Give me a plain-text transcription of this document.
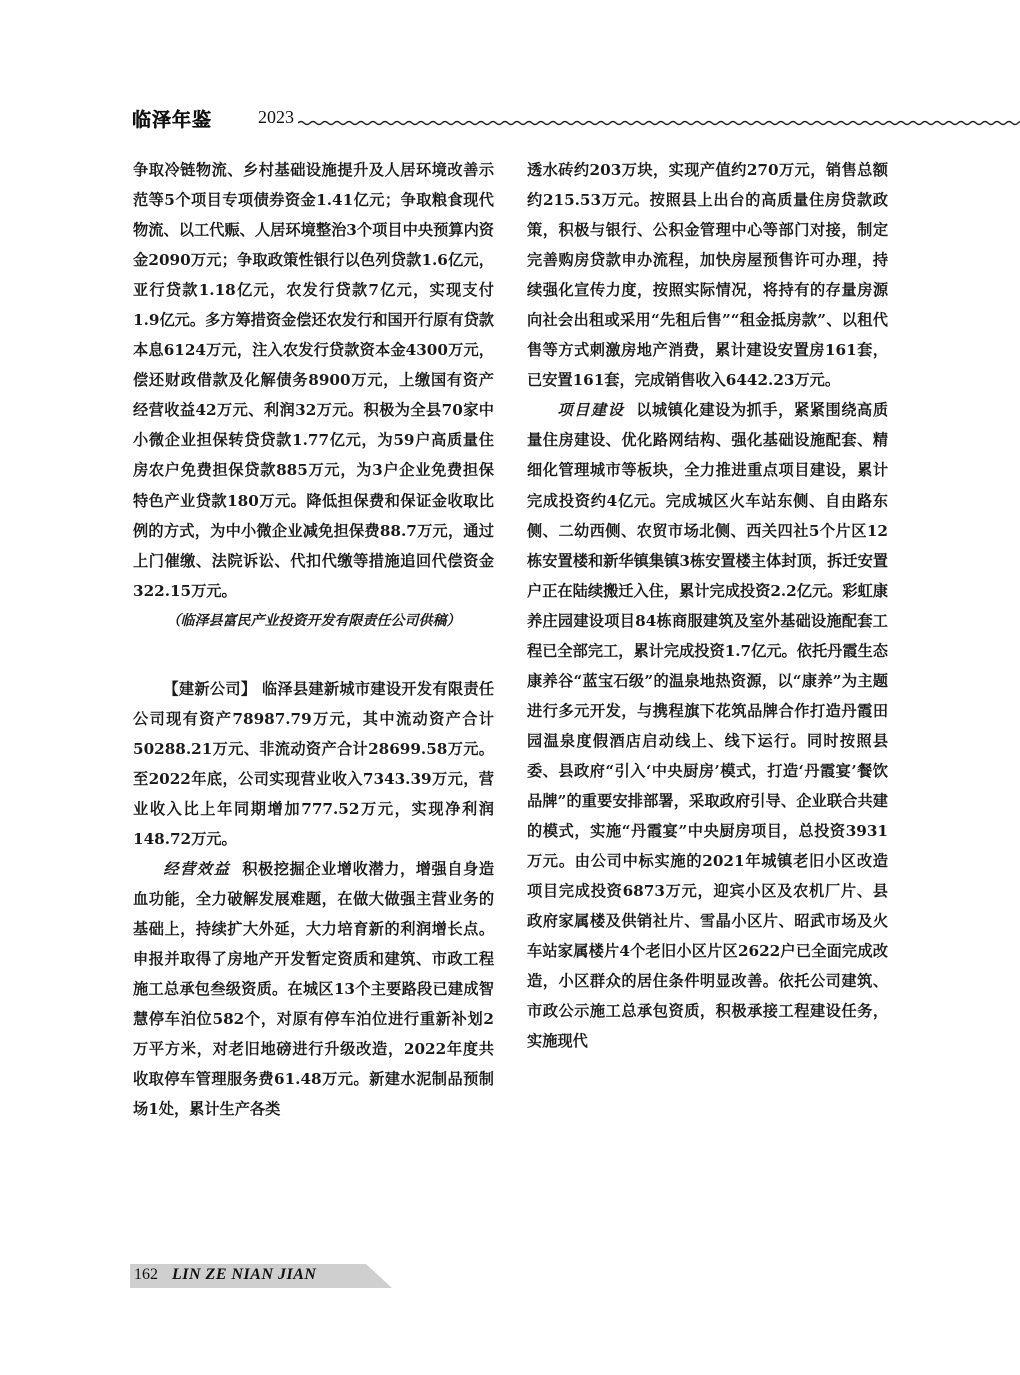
临泽年鉴	2023

争取冷链物流、乡村基础设施提升及人居环境改善示范等5个项目专项债券资金1.41亿元；争取粮食现代物流、以工代赈、人居环境整治3个项目中央预算内资金2090万元；争取政策性银行以色列贷款1.6亿元，亚行贷款1.18亿元，农发行贷款7亿元，实现支付1.9亿元。多方筹措资金偿还农发行和国开行原有贷款本息6124万元，注入农发行贷款资本金4300万元，偿还财政借款及化解债务8900万元，上缴国有资产经营收益42万元、利润32万元。积极为全县70家中小微企业担保转贷贷款1.77亿元，为59户高质量住房农户免费担保贷款885万元，为3户企业免费担保特色产业贷款180万元。降低担保费和保证金收取比例的方式，为中小微企业减免担保费88.7万元，通过上门催缴、法院诉讼、代扣代缴等措施追回代偿资金322.15万元。

（临泽县富民产业投资开发有限责任公司供稿）

【建新公司】 临泽县建新城市建设开发有限责任公司现有资产78987.79万元，其中流动资产合计50288.21万元、非流动资产合计28699.58万元。至2022年底，公司实现营业收入7343.39万元，营业收入比上年同期增加777.52万元，实现净利润148.72万元。

经营效益 积极挖掘企业增收潜力，增强自身造血功能，全力破解发展难题，在做大做强主营业务的基础上，持续扩大外延，大力培育新的利润增长点。申报并取得了房地产开发暂定资质和建筑、市政工程施工总承包叁级资质。在城区13个主要路段已建成智慧停车泊位582个，对原有停车泊位进行重新补划2万平方米，对老旧地磅进行升级改造，2022年度共收取停车管理服务费61.48万元。新建水泥制品预制场1处，累计生产各类

透水砖约203万块，实现产值约270万元，销售总额约215.53万元。按照县上出台的高质量住房贷款政策，积极与银行、公积金管理中心等部门对接，制定完善购房贷款申办流程，加快房屋预售许可办理，持续强化宣传力度，按照实际情况，将持有的存量房源向社会出租或采用“先租后售”“租金抵房款”、以租代售等方式刺激房地产消费，累计建设安置房161套，已安置161套，完成销售收入6442.23万元。

项目建设 以城镇化建设为抓手，紧紧围绕高质量住房建设、优化路网结构、强化基础设施配套、精细化管理城市等板块，全力推进重点项目建设，累计完成投资约4亿元。完成城区火车站东侧、自由路东侧、二幼西侧、农贸市场北侧、西关四社5个片区12栋安置楼和新华镇集镇3栋安置楼主体封顶，拆迁安置户正在陆续搬迁入住，累计完成投资2.2亿元。彩虹康养庄园建设项目84栋商服建筑及室外基础设施配套工程已全部完工，累计完成投资1.7亿元。依托丹霞生态康养谷“蓝宝石级”的温泉地热资源，以“康养”为主题进行多元开发，与携程旗下花筑品牌合作打造丹霞田园温泉度假酒店启动线上、线下运行。同时按照县委、县政府“引入‘中央厨房’模式，打造‘丹霞宴’餐饮品牌”的重要安排部署，采取政府引导、企业联合共建的模式，实施“丹霞宴”中央厨房项目，总投资3931万元。由公司中标实施的2021年城镇老旧小区改造项目完成投资6873万元，迎宾小区及农机厂片、县政府家属楼及供销社片、雪晶小区片、昭武市场及火车站家属楼片4个老旧小区片区2622户已全面完成改造，小区群众的居住条件明显改善。依托公司建筑、市政公示施工总承包资质，积极承接工程建设任务，实施现代

162 LIN ZE NIAN JIAN
